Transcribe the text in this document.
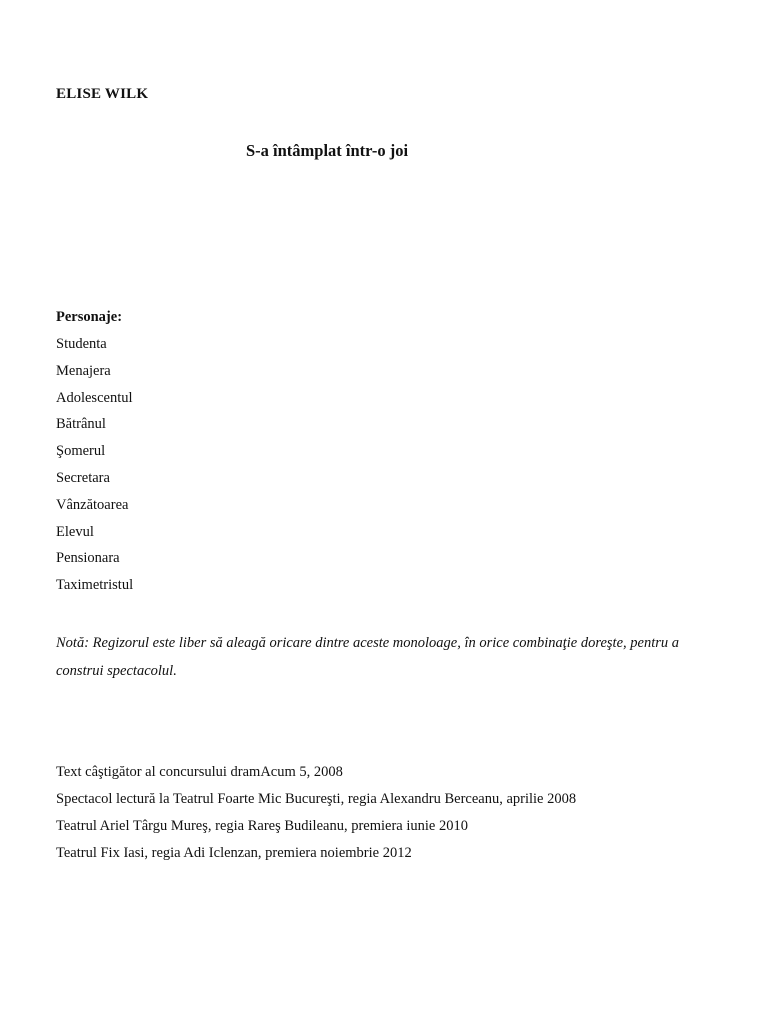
ELISE WILK
S-a întâmplat într-o joi
Personaje:
Studenta
Menajera
Adolescentul
Bătrânul
Şomerul
Secretara
Vânzătoarea
Elevul
Pensionara
Taximetristul
Notă: Regizorul este liber să aleagă oricare dintre aceste monoloage, în orice combinaţie doreşte, pentru a construi spectacolul.
Text câştigător al concursului dramAcum 5, 2008
Spectacol lectură la Teatrul Foarte Mic Bucureşti, regia Alexandru Berceanu, aprilie 2008
Teatrul Ariel Târgu Mureş, regia Rareş Budileanu, premiera iunie 2010
Teatrul Fix Iasi, regia Adi Iclenzan, premiera noiembrie 2012
